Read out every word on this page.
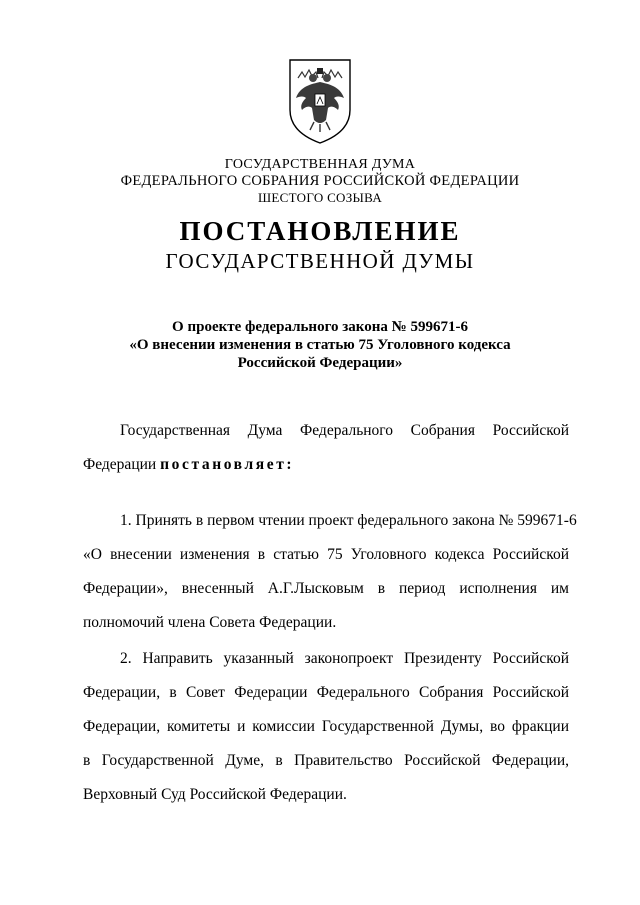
ГОСУДАРСТВЕННАЯ ДУМА
ФЕДЕРАЛЬНОГО СОБРАНИЯ РОССИЙСКОЙ ФЕДЕРАЦИИ
ШЕСТОГО СОЗЫВА
ПОСТАНОВЛЕНИЕ
ГОСУДАРСТВЕННОЙ ДУМЫ
О проекте федерального закона № 599671-6
«О внесении изменения в статью 75 Уголовного кодекса
Российской Федерации»
Государственная Дума Федерального Собрания Российской
Федерации постановляет:
1. Принять в первом чтении проект федерального закона № 599671-6
«О внесении изменения в статью 75 Уголовного кодекса Российской
Федерации», внесенный А.Г.Лысковым в период исполнения им
полномочий члена Совета Федерации.
2. Направить указанный законопроект Президенту Российской
Федерации, в Совет Федерации Федерального Собрания Российской
Федерации, комитеты и комиссии Государственной Думы, во фракции
в Государственной Думе, в Правительство Российской Федерации,
Верховный Суд Российской Федерации.
